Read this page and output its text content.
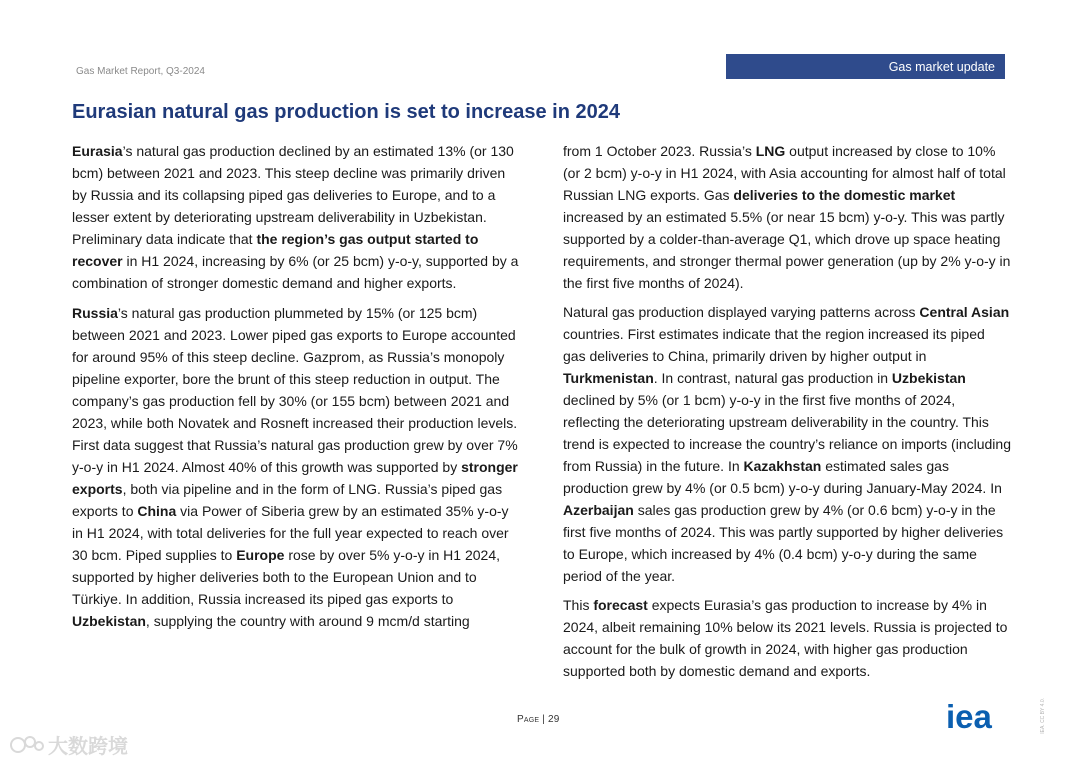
Gas Market Report, Q3-2024	Gas market update
Eurasian natural gas production is set to increase in 2024

Eurasia’s natural gas production declined by an estimated 13% (or 130 bcm) between 2021 and 2023. This steep decline was primarily driven by Russia and its collapsing piped gas deliveries to Europe, and to a lesser extent by deteriorating upstream deliverability in Uzbekistan. Preliminary data indicate that the region’s gas output started to recover in H1 2024, increasing by 6% (or 25 bcm) y-o-y, supported by a combination of stronger domestic demand and higher exports.

Russia’s natural gas production plummeted by 15% (or 125 bcm) between 2021 and 2023. Lower piped gas exports to Europe accounted for around 95% of this steep decline. Gazprom, as Russia’s monopoly pipeline exporter, bore the brunt of this steep reduction in output. The company’s gas production fell by 30% (or 155 bcm) between 2021 and 2023, while both Novatek and Rosneft increased their production levels. First data suggest that Russia’s natural gas production grew by over 7% y-o-y in H1 2024. Almost 40% of this growth was supported by stronger exports, both via pipeline and in the form of LNG. Russia’s piped gas exports to China via Power of Siberia grew by an estimated 35% y-o-y in H1 2024, with total deliveries for the full year expected to reach over 30 bcm. Piped supplies to Europe rose by over 5% y-o-y in H1 2024, supported by higher deliveries both to the European Union and to Türkiye. In addition, Russia increased its piped gas exports to Uzbekistan, supplying the country with around 9 mcm/d starting

from 1 October 2023. Russia’s LNG output increased by close to 10% (or 2 bcm) y-o-y in H1 2024, with Asia accounting for almost half of total Russian LNG exports. Gas deliveries to the domestic market increased by an estimated 5.5% (or near 15 bcm) y-o-y. This was partly supported by a colder-than-average Q1, which drove up space heating requirements, and stronger thermal power generation (up by 2% y-o-y in the first five months of 2024).

Natural gas production displayed varying patterns across Central Asian countries. First estimates indicate that the region increased its piped gas deliveries to China, primarily driven by higher output in Turkmenistan. In contrast, natural gas production in Uzbekistan declined by 5% (or 1 bcm) y-o-y in the first five months of 2024, reflecting the deteriorating upstream deliverability in the country. This trend is expected to increase the country’s reliance on imports (including from Russia) in the future. In Kazakhstan estimated sales gas production grew by 4% (or 0.5 bcm) y-o-y during January-May 2024. In Azerbaijan sales gas production grew by 4% (or 0.6 bcm) y-o-y in the first five months of 2024. This was partly supported by higher deliveries to Europe, which increased by 4% (0.4 bcm) y-o-y during the same period of the year.

This forecast expects Eurasia’s gas production to increase by 4% in 2024, albeit remaining 10% below its 2021 levels. Russia is projected to account for the bulk of growth in 2024, with higher gas production supported both by domestic demand and exports.

Page | 29	iea	IEA. CC BY 4.0.
大数跨境
